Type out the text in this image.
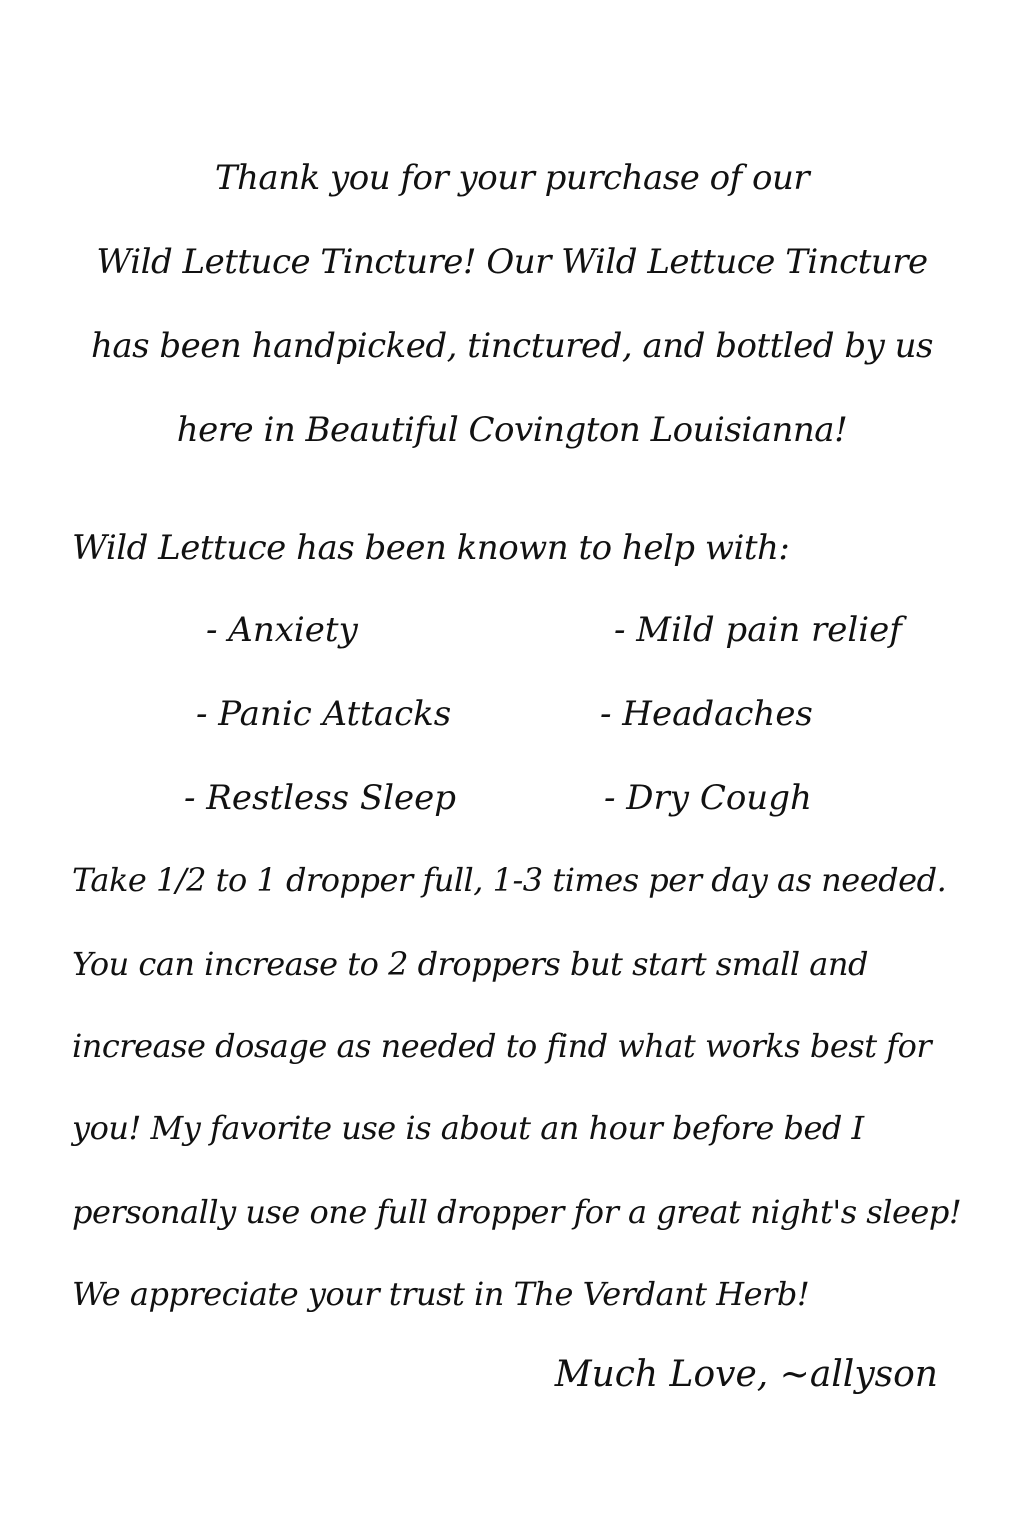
Thank you for your purchase of our
Wild Lettuce Tincture! Our Wild Lettuce Tincture
has been handpicked, tinctured, and bottled by us
here in Beautiful Covington Louisianna!
Wild Lettuce has been known to help with:
- Anxiety
- Panic Attacks
- Restless Sleep
- Mild pain relief
- Headaches
- Dry Cough
Take 1/2 to 1 dropper full, 1-3 times per day as needed.
You can increase to 2 droppers but start small and
increase dosage as needed to find what works best for
you! My favorite use is about an hour before bed I
personally use one full dropper for a great night's sleep!
We appreciate your trust in The Verdant Herb!
Much Love, ~allyson
